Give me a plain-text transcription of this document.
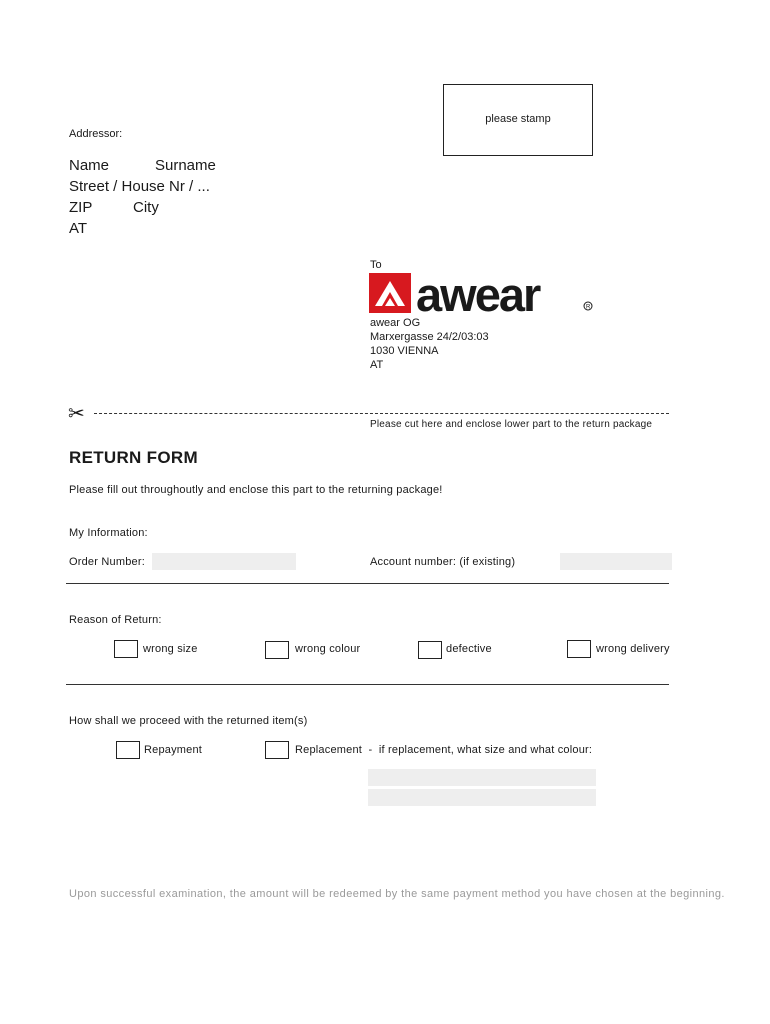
please stamp
Addressor:
Name	Surname
Street / House Nr / ...
ZIP	City
AT
To
awear	R
awear OG
Marxergasse 24/2/03:03
1030 VIENNA
AT
✂	Please cut here and enclose lower part to the return package
RETURN FORM
Please fill out throughoutly and enclose this part to the returning package!
My Information:
Order Number:	Account number: (if existing)
Reason of Return:
wrong size	wrong colour	defective	wrong delivery
How shall we proceed with the returned item(s)
Repayment	Replacement  -  if replacement, what size and what colour:
Upon successful examination, the amount will be redeemed by the same payment method you have chosen at the beginning.
